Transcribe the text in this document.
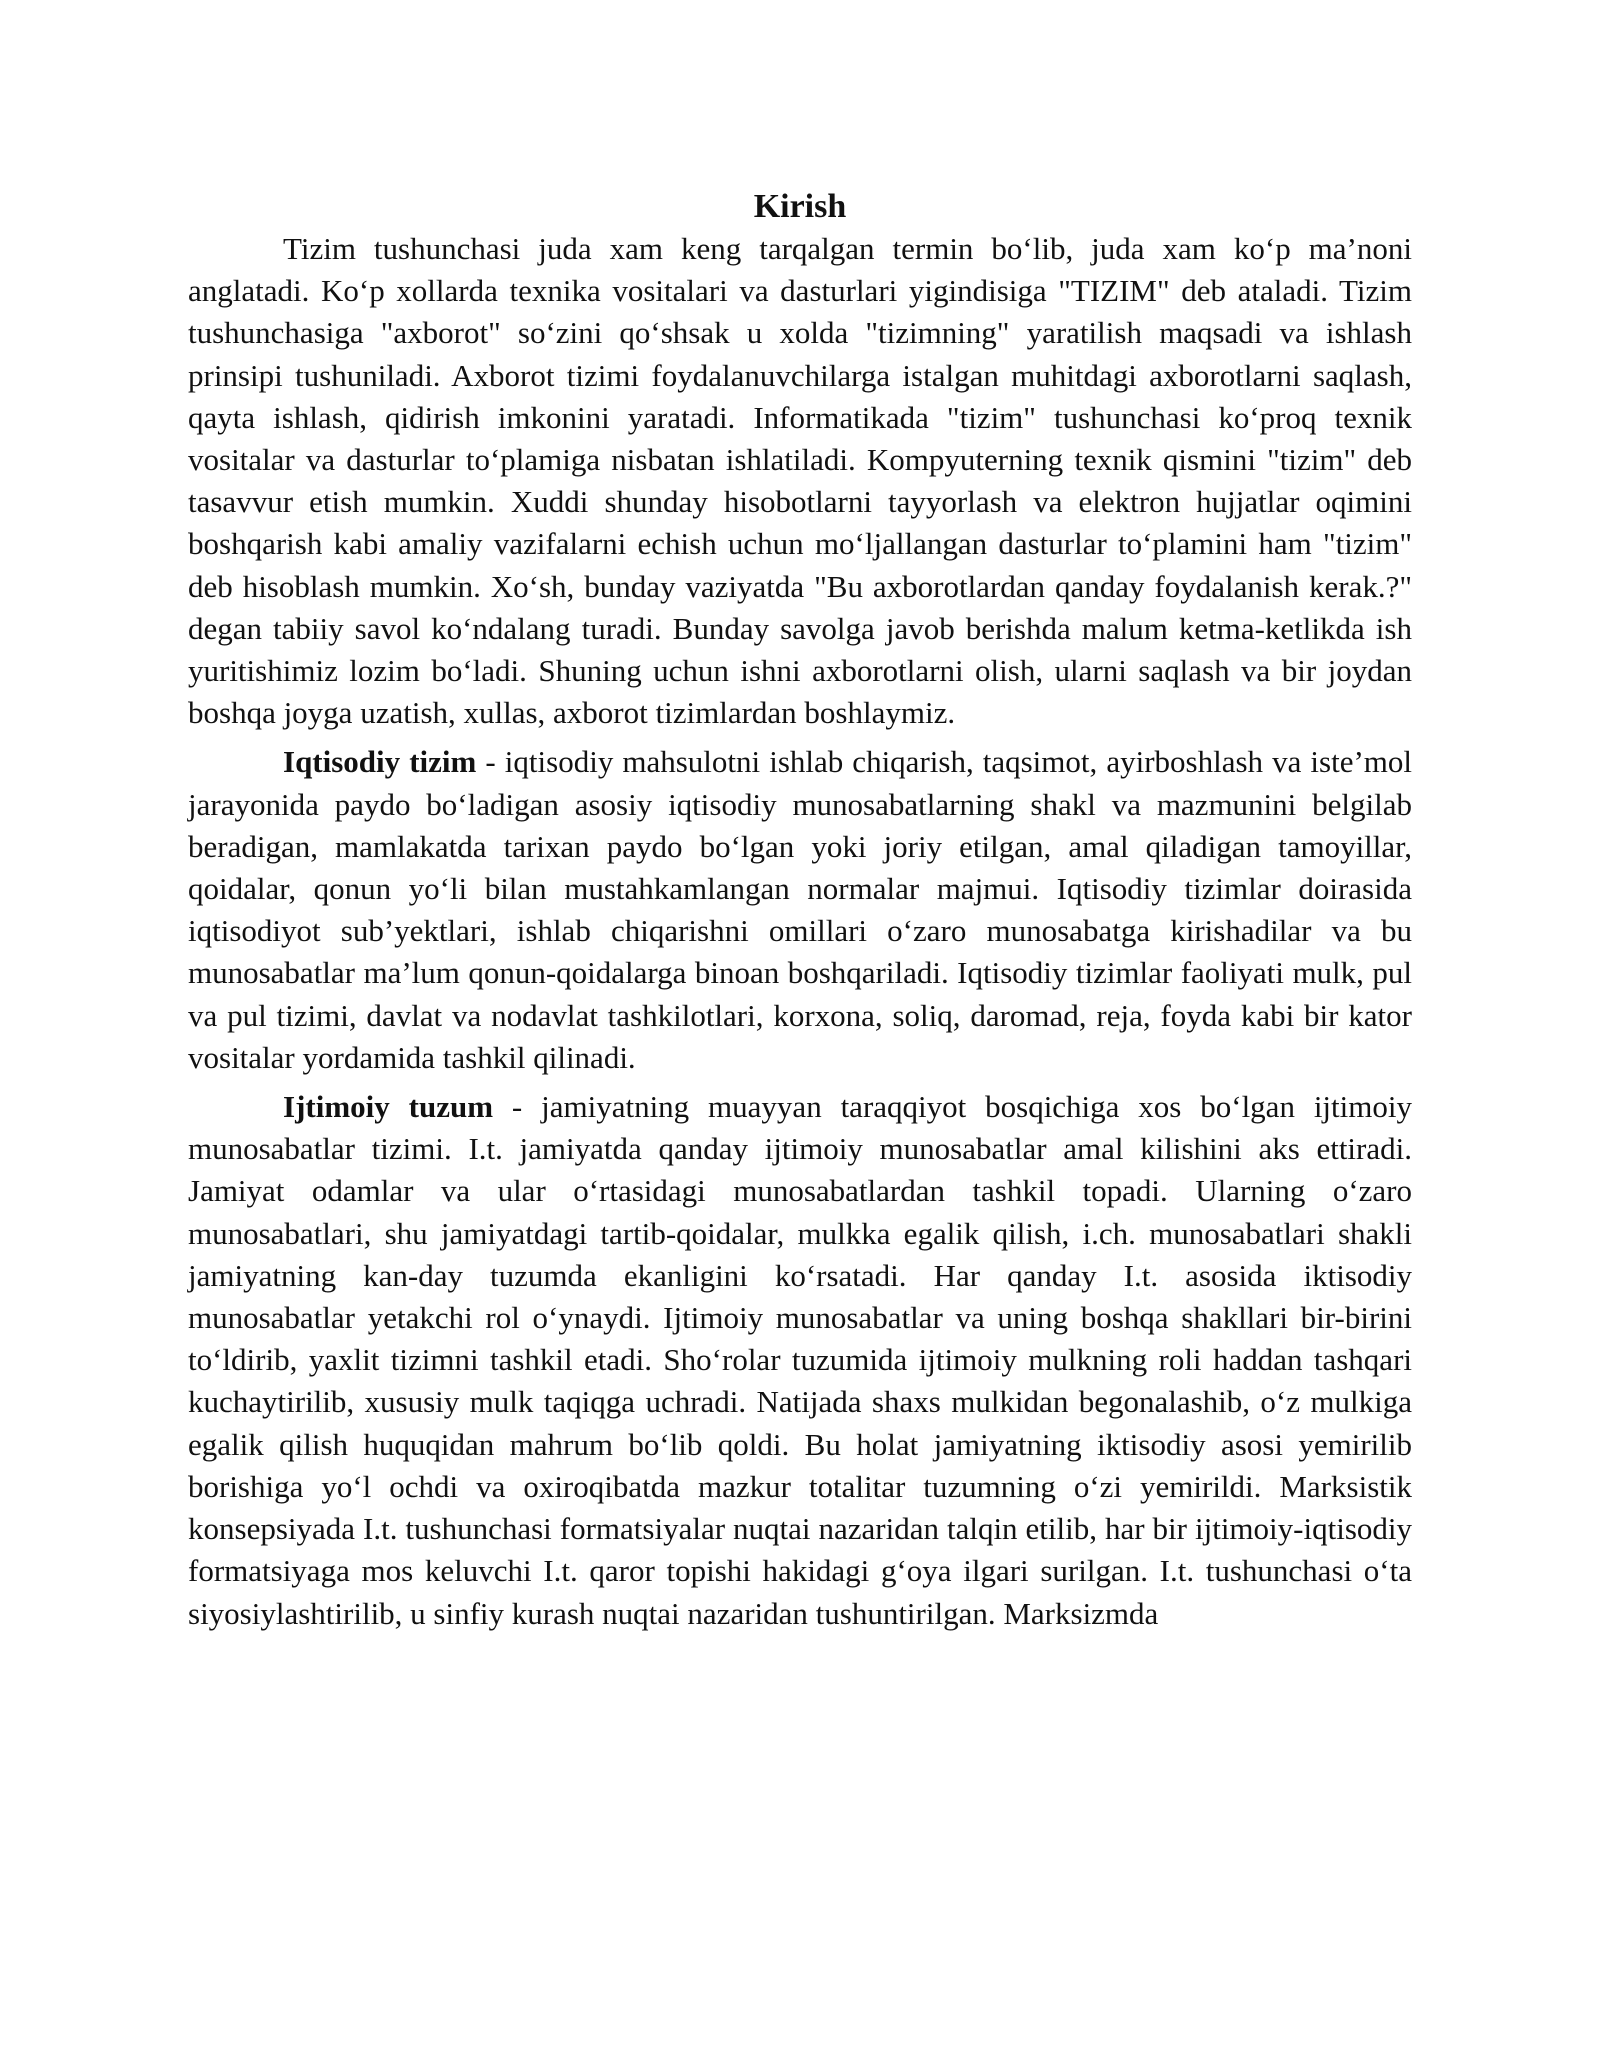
Kirish

Tizim tushunchasi juda xam keng tarqalgan termin bo‘lib, juda xam ko‘p ma’noni anglatadi. Ko‘p xollarda texnika vositalari va dasturlari yigindisiga "TIZIM" deb ataladi. Tizim tushunchasiga "axborot" so‘zini qo‘shsak u xolda "tizimning" yaratilish maqsadi va ishlash prinsipi tushuniladi. Axborot tizimi foydalanuvchilarga istalgan muhitdagi axborotlarni saqlash, qayta ishlash, qidirish imkonini yaratadi. Informatikada "tizim" tushunchasi ko‘proq texnik vositalar va dasturlar to‘plamiga nisbatan ishlatiladi. Kompyuterning texnik qismini "tizim" deb tasavvur etish mumkin. Xuddi shunday hisobotlarni tayyorlash va elektron hujjatlar oqimini boshqarish kabi amaliy vazifalarni echish uchun mo‘ljallangan dasturlar to‘plamini ham "tizim" deb hisoblash mumkin. Xo‘sh, bunday vaziyatda "Bu axborotlardan qanday foydalanish kerak.?" degan tabiiy savol ko‘ndalang turadi. Bunday savolga javob berishda malum ketma-ketlikda ish yuritishimiz lozim bo‘ladi. Shuning uchun ishni axborotlarni olish, ularni saqlash va bir joydan boshqa joyga uzatish, xullas, axborot tizimlardan boshlaymiz.

Iqtisodiy tizim - iqtisodiy mahsulotni ishlab chiqarish, taqsimot, ayirboshlash va iste’mol jarayonida paydo bo‘ladigan asosiy iqtisodiy munosabatlarning shakl va mazmunini belgilab beradigan, mamlakatda tarixan paydo bo‘lgan yoki joriy etilgan, amal qiladigan tamoyillar, qoidalar, qonun yo‘li bilan mustahkamlangan normalar majmui. Iqtisodiy tizimlar doirasida iqtisodiyot sub’yektlari, ishlab chiqarishni omillari o‘zaro munosabatga kirishadilar va bu munosabatlar ma’lum qonun-qoidalarga binoan boshqariladi. Iqtisodiy tizimlar faoliyati mulk, pul va pul tizimi, davlat va nodavlat tashkilotlari, korxona, soliq, daromad, reja, foyda kabi bir kator vositalar yordamida tashkil qilinadi.

Ijtimoiy tuzum - jamiyatning muayyan taraqqiyot bosqichiga xos bo‘lgan ijtimoiy munosabatlar tizimi. I.t. jamiyatda qanday ijtimoiy munosabatlar amal kilishini aks ettiradi. Jamiyat odamlar va ular o‘rtasidagi munosabatlardan tashkil topadi. Ularning o‘zaro munosabatlari, shu jamiyatdagi tartib-qoidalar, mulkka egalik qilish, i.ch. munosabatlari shakli jamiyatning kan-day tuzumda ekanligini ko‘rsatadi. Har qanday I.t. asosida iktisodiy munosabatlar yetakchi rol o‘ynaydi. Ijtimoiy munosabatlar va uning boshqa shakllari bir-birini to‘ldirib, yaxlit tizimni tashkil etadi. Sho‘rolar tuzumida ijtimoiy mulkning roli haddan tashqari kuchaytirilib, xususiy mulk taqiqga uchradi. Natijada shaxs mulkidan begonalashib, o‘z mulkiga egalik qilish huquqidan mahrum bo‘lib qoldi. Bu holat jamiyatning iktisodiy asosi yemirilib borishiga yo‘l ochdi va oxiroqibatda mazkur totalitar tuzumning o‘zi yemirildi. Marksistik konsepsiyada I.t. tushunchasi formatsiyalar nuqtai nazaridan talqin etilib, har bir ijtimoiy-iqtisodiy formatsiyaga mos keluvchi I.t. qaror topishi hakidagi g‘oya ilgari surilgan. I.t. tushunchasi o‘ta siyosiylashtirilib, u sinfiy kurash nuqtai nazaridan tushuntirilgan. Marksizmda
